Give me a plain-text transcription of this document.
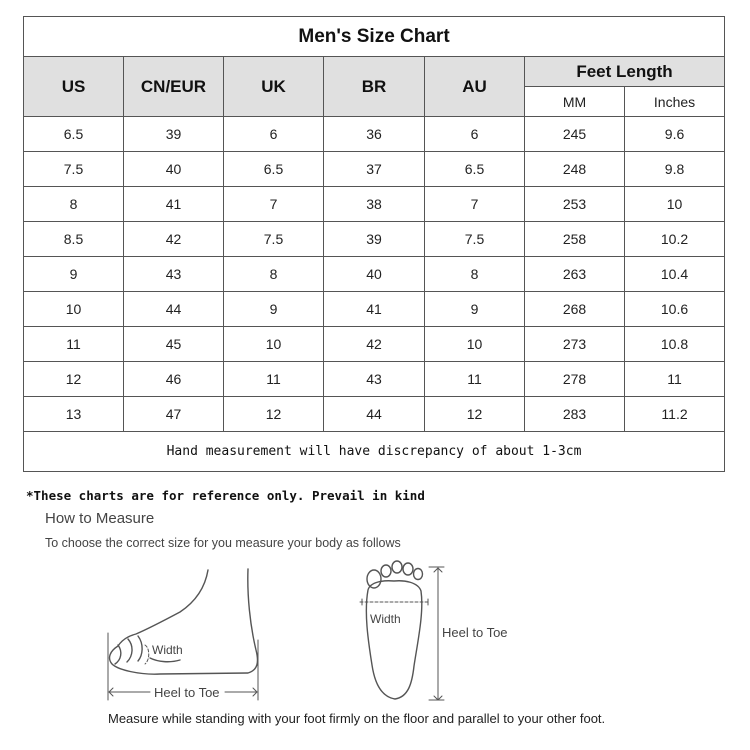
Men's Size Chart						
US	CN/EUR	UK	BR	AU	Feet Length	
					MM	Inches
6.5	39	6	36	6	245	9.6
7.5	40	6.5	37	6.5	248	9.8
8	41	7	38	7	253	10
8.5	42	7.5	39	7.5	258	10.2
9	43	8	40	8	263	10.4
10	44	9	41	9	268	10.6
11	45	10	42	10	273	10.8
12	46	11	43	11	278	11
13	47	12	44	12	283	11.2
Hand measurement will have discrepancy of about 1-3cm						
*These charts are for reference only. Prevail in kind
How to Measure
To choose the correct size for you measure your body as follows
Width
Heel to Toe
Width
Heel to Toe
Measure while standing with your foot firmly on the floor and parallel to your other foot.
